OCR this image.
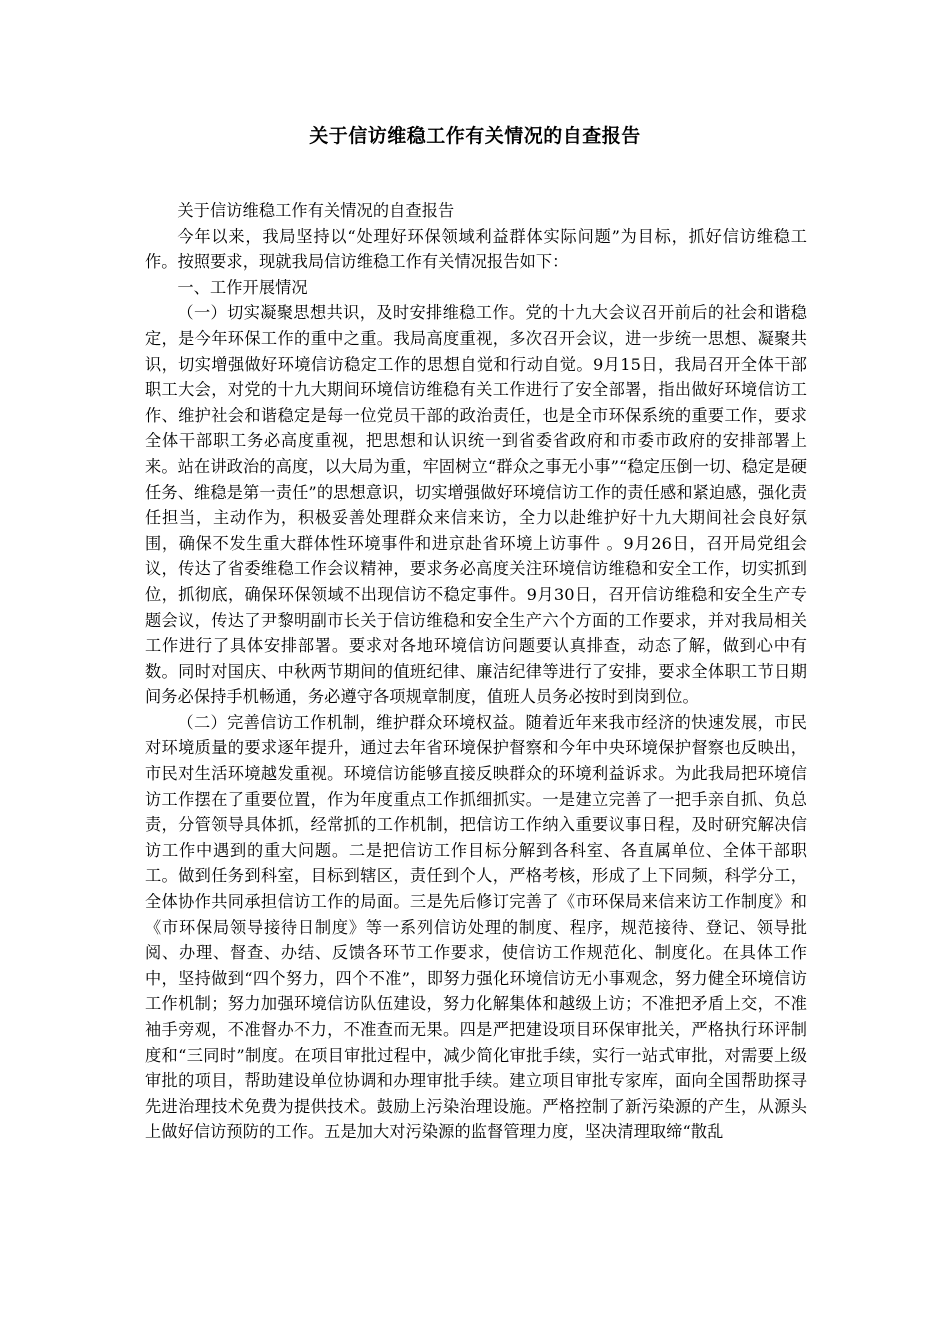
关于信访维稳工作有关情况的自查报告

关于信访维稳工作有关情况的自查报告

今年以来，我局坚持以“处理好环保领域利益群体实际问题”为目标，抓好信访维稳工作。按照要求，现就我局信访维稳工作有关情况报告如下：

一、工作开展情况

（一）切实凝聚思想共识，及时安排维稳工作。党的十九大会议召开前后的社会和谐稳定，是今年环保工作的重中之重。我局高度重视，多次召开会议，进一步统一思想、凝聚共识，切实增强做好环境信访稳定工作的思想自觉和行动自觉。9月15日，我局召开全体干部职工大会，对党的十九大期间环境信访维稳有关工作进行了安全部署，指出做好环境信访工作、维护社会和谐稳定是每一位党员干部的政治责任，也是全市环保系统的重要工作，要求全体干部职工务必高度重视，把思想和认识统一到省委省政府和市委市政府的安排部署上来。站在讲政治的高度，以大局为重，牢固树立“群众之事无小事”“稳定压倒一切、稳定是硬任务、维稳是第一责任”的思想意识，切实增强做好环境信访工作的责任感和紧迫感，强化责任担当，主动作为，积极妥善处理群众来信来访，全力以赴维护好十九大期间社会良好氛围，确保不发生重大群体性环境事件和进京赴省环境上访事件 。9月26日，召开局党组会议，传达了省委维稳工作会议精神，要求务必高度关注环境信访维稳和安全工作，切实抓到位，抓彻底，确保环保领域不出现信访不稳定事件。9月30日，召开信访维稳和安全生产专题会议，传达了尹黎明副市长关于信访维稳和安全生产六个方面的工作要求，并对我局相关工作进行了具体安排部署。要求对各地环境信访问题要认真排查，动态了解，做到心中有数。同时对国庆、中秋两节期间的值班纪律、廉洁纪律等进行了安排，要求全体职工节日期间务必保持手机畅通，务必遵守各项规章制度，值班人员务必按时到岗到位。

（二）完善信访工作机制，维护群众环境权益。随着近年来我市经济的快速发展，市民对环境质量的要求逐年提升，通过去年省环境保护督察和今年中央环境保护督察也反映出，市民对生活环境越发重视。环境信访能够直接反映群众的环境利益诉求。为此我局把环境信访工作摆在了重要位置，作为年度重点工作抓细抓实。一是建立完善了一把手亲自抓、负总责，分管领导具体抓，经常抓的工作机制，把信访工作纳入重要议事日程，及时研究解决信访工作中遇到的重大问题。二是把信访工作目标分解到各科室、各直属单位、全体干部职工。做到任务到科室，目标到辖区，责任到个人，严格考核，形成了上下同频，科学分工，全体协作共同承担信访工作的局面。三是先后修订完善了《市环保局来信来访工作制度》和《市环保局领导接待日制度》等一系列信访处理的制度、程序，规范接待、登记、领导批阅、办理、督查、办结、反馈各环节工作要求，使信访工作规范化、制度化。在具体工作中，坚持做到“四个努力，四个不准”，即努力强化环境信访无小事观念，努力健全环境信访工作机制；努力加强环境信访队伍建设，努力化解集体和越级上访；不准把矛盾上交，不准袖手旁观，不准督办不力，不准查而无果。四是严把建设项目环保审批关，严格执行环评制度和“三同时”制度。在项目审批过程中，减少简化审批手续，实行一站式审批，对需要上级审批的项目，帮助建设单位协调和办理审批手续。建立项目审批专家库，面向全国帮助探寻先进治理技术免费为提供技术。鼓励上污染治理设施。严格控制了新污染源的产生，从源头上做好信访预防的工作。五是加大对污染源的监督管理力度，坚决清理取缔“散乱
